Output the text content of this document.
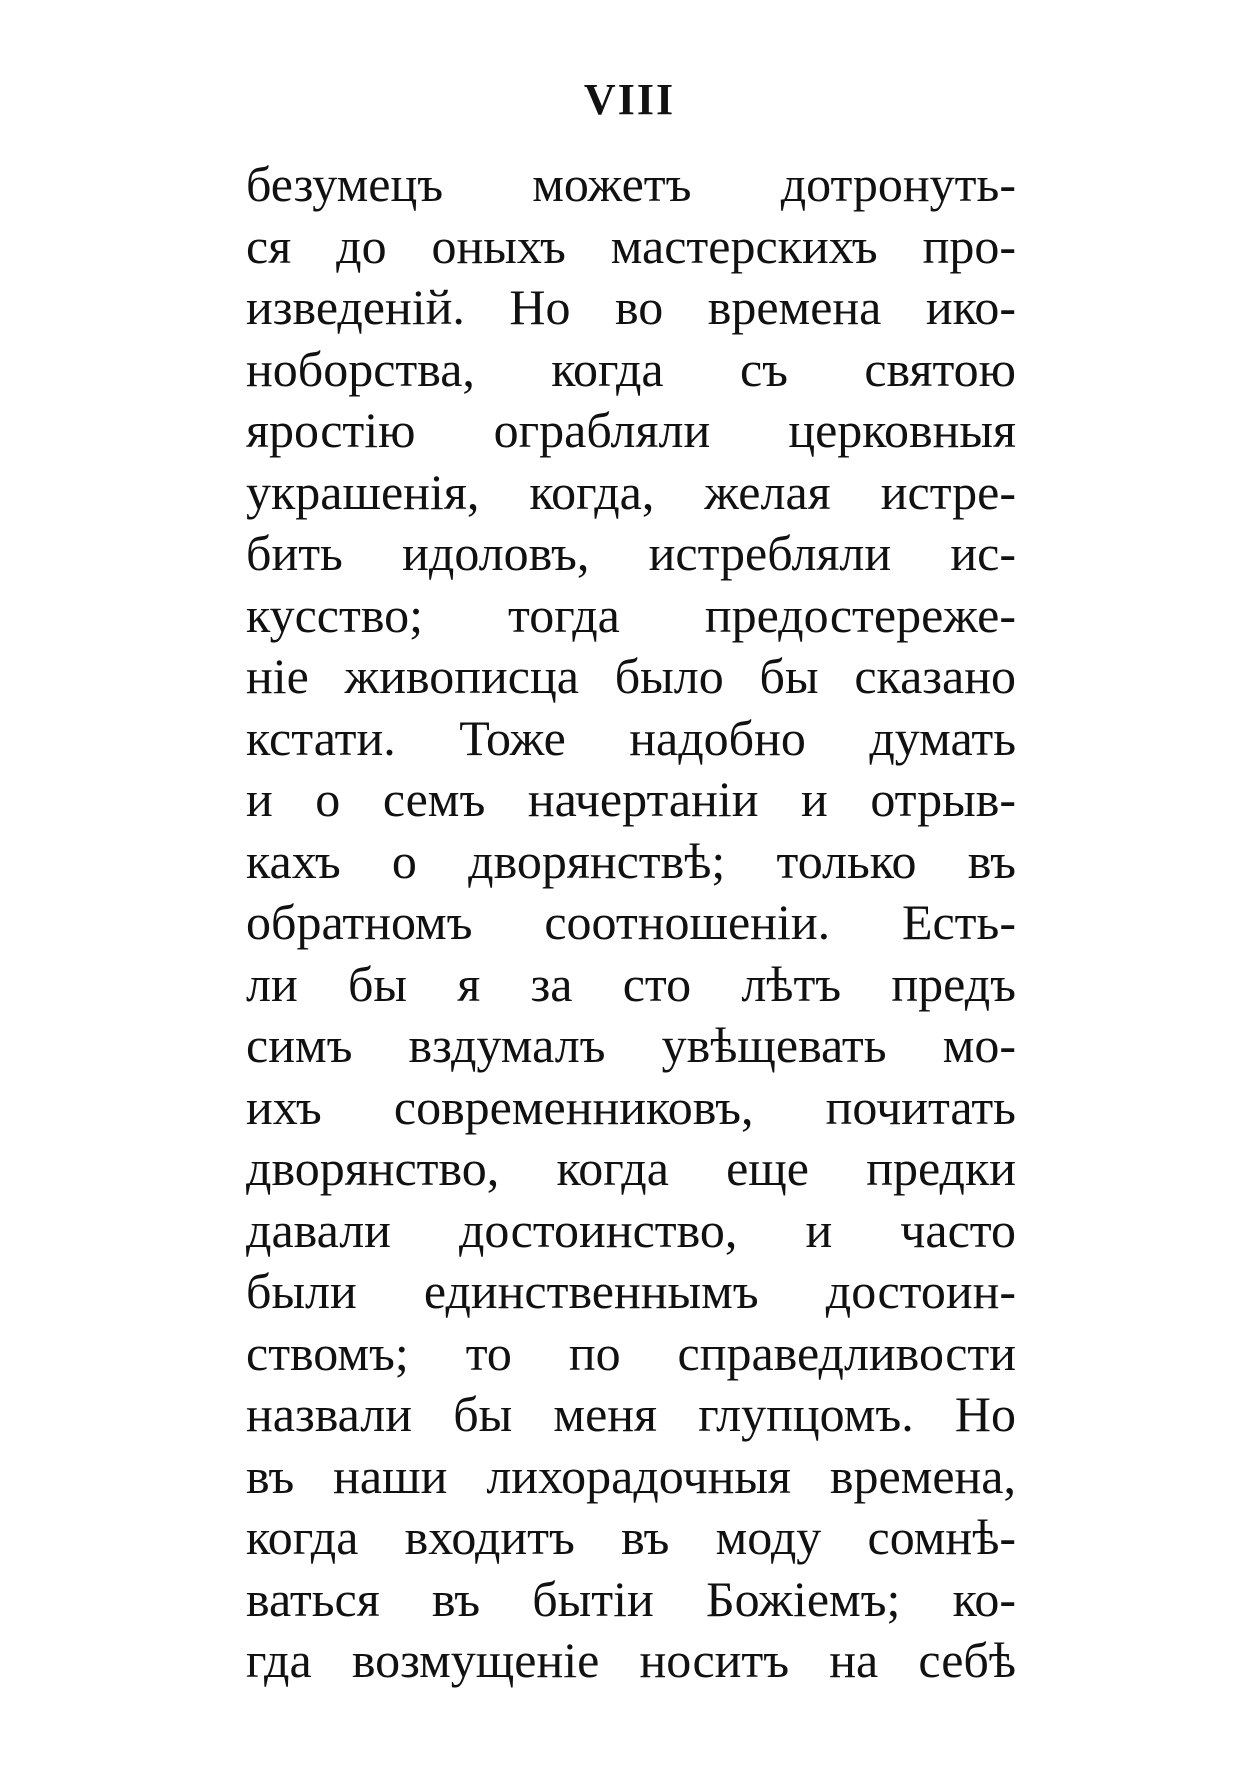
VIII
безумецъ можетъ дотронуть-
ся до оныхъ мастерскихъ про-
изведеній. Но во времена ико-
ноборства, когда съ святою
яростію ограбляли церковныя
украшенія, когда, желая истре-
бить идоловъ, истребляли ис-
кусство; тогда предостереже-
ніе живописца было бы сказано
кстати. Тоже надобно думать
и о семъ начертаніи и отрыв-
кахъ о дворянствѣ; только въ
обратномъ соотношеніи. Есть-
ли бы я за сто лѣтъ предъ
симъ вздумалъ увѣщевать мо-
ихъ современниковъ, почитать
дворянство, когда еще предки
давали достоинство, и часто
были единственнымъ достоин-
ствомъ; то по справедливости
назвали бы меня глупцомъ. Но
въ наши лихорадочныя времена,
когда входитъ въ моду сомнѣ-
ваться въ бытіи Божіемъ; ко-
гда возмущеніе носитъ на себѣ
